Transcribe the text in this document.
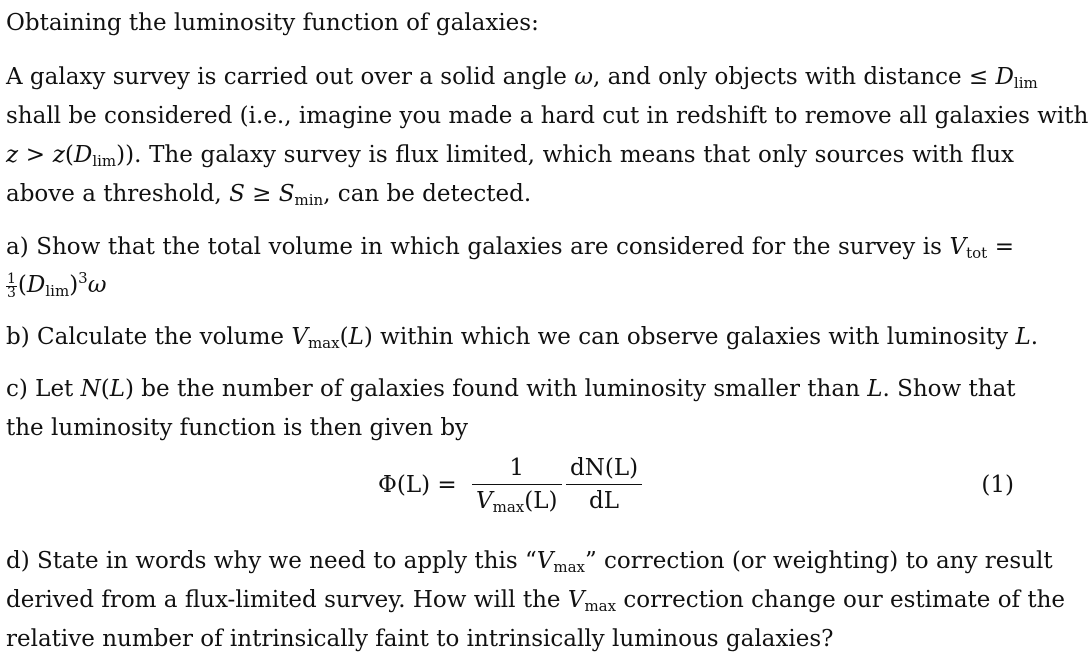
Obtaining the luminosity function of galaxies:
A galaxy survey is carried out over a solid angle ω, and only objects with distance ≤ $D_{lim}$
shall be considered (i.e., imagine you made a hard cut in redshift to remove all galaxies with
$z > z(D_{lim})$). The galaxy survey is flux limited, which means that only sources with flux
above a threshold, $S \ge S_{min}$, can be detected.
a) Show that the total volume in which galaxies are considered for the survey is $V_{tot}$ =
$\frac{1}{3} (D_{lim})^3\omega$
b) Calculate the volume $V_{max}(L)$ within which we can observe galaxies with luminosity L.
c) Let N(L) be the number of galaxies found with luminosity smaller than L. Show that
the luminosity function is then given by
Φ(L) =
1
$V_{max}(L)$
dN(L)
dL
(1)
d) State in words why we need to apply this “$V_{max}$” correction (or weighting) to any result
derived from a flux-limited survey. How will the $V_{max}$ correction change our estimate of the
relative number of intrinsically faint to intrinsically luminous galaxies?
